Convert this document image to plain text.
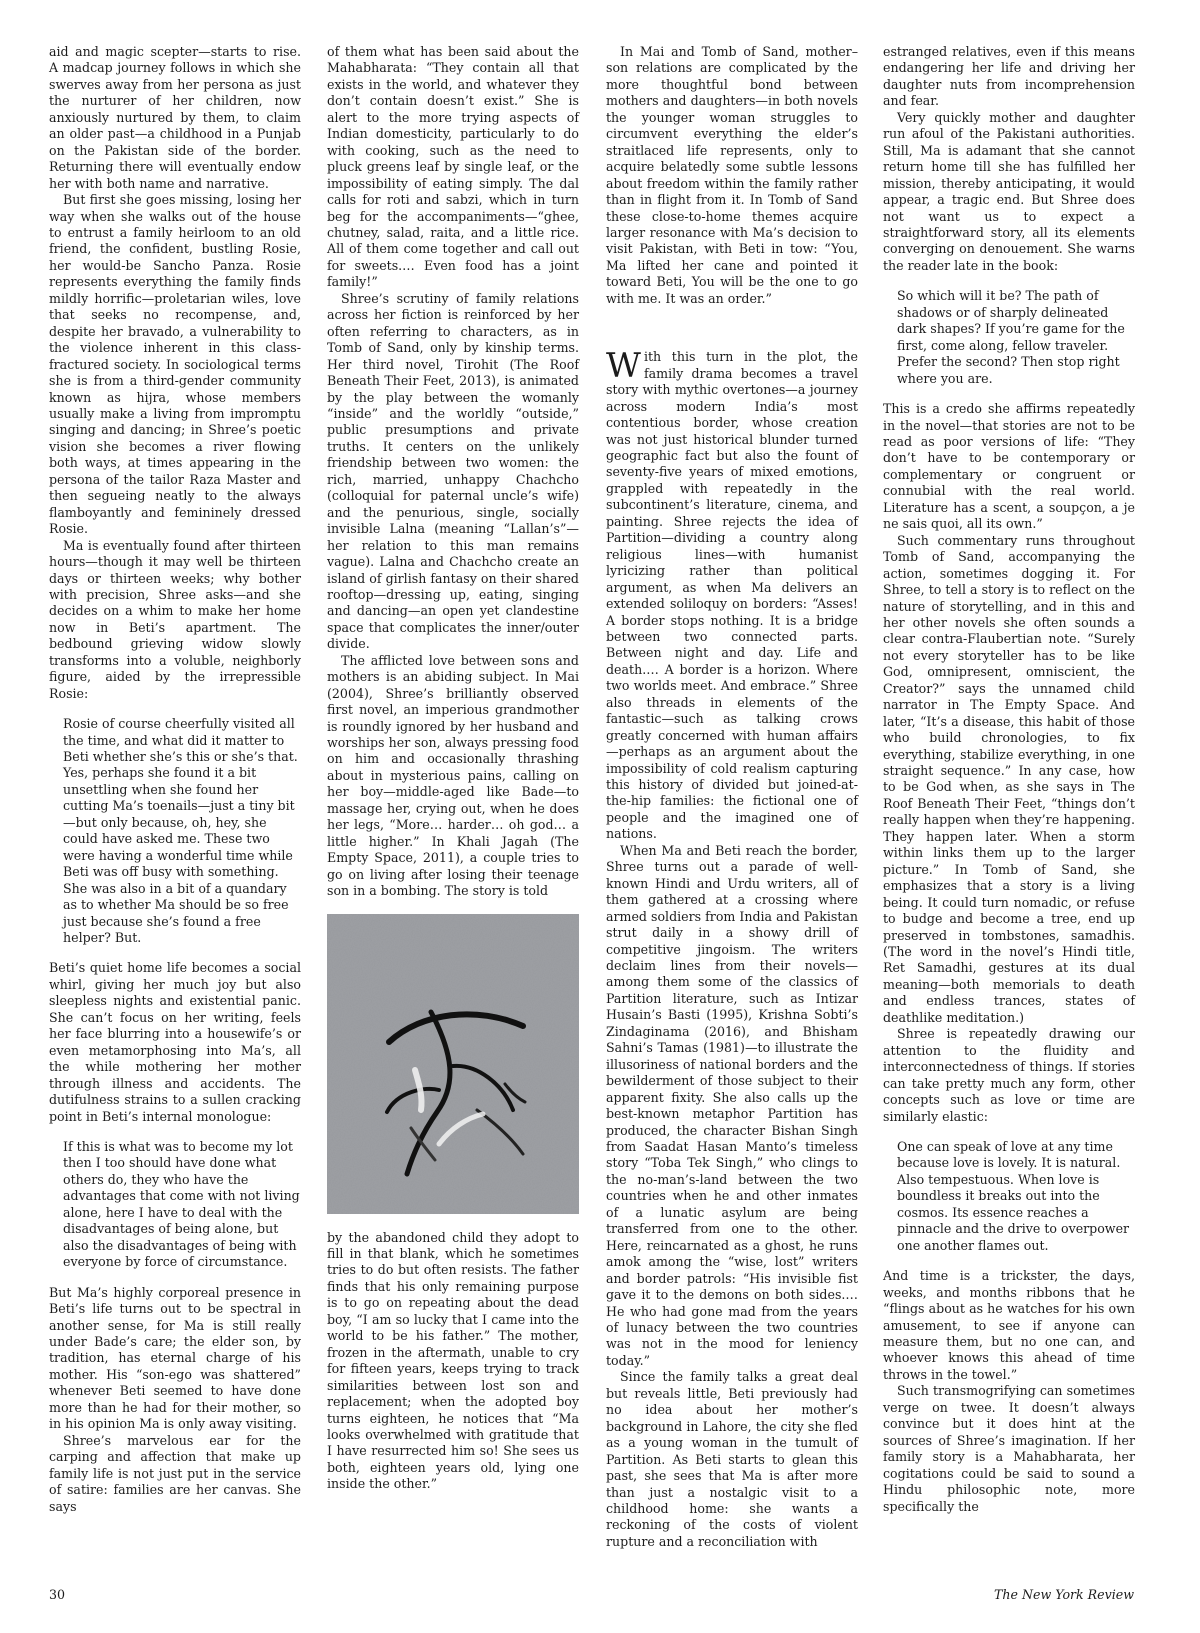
aid and magic scepter—starts to rise. A madcap journey follows in which she swerves away from her persona as just the nurturer of her children, now anxiously nurtured by them, to claim an older past—a childhood in a Punjab on the Pakistan side of the border. Returning there will eventually endow her with both name and narrative.

But first she goes missing, losing her way when she walks out of the house to entrust a family heirloom to an old friend, the confident, bustling Rosie, her would-be Sancho Panza. Rosie represents everything the family finds mildly horrific—proletarian wiles, love that seeks no recompense, and, despite her bravado, a vulnerability to the violence inherent in this class-fractured society. In sociological terms she is from a third-gender community known as hijra, whose members usually make a living from impromptu singing and dancing; in Shree’s poetic vision she becomes a river flowing both ways, at times appearing in the persona of the tailor Raza Master and then segueing neatly to the always flamboyantly and femininely dressed Rosie.

Ma is eventually found after thirteen hours—though it may well be thirteen days or thirteen weeks; why bother with precision, Shree asks—and she decides on a whim to make her home now in Beti’s apartment. The bedbound grieving widow slowly transforms into a voluble, neighborly figure, aided by the irrepressible Rosie:

Rosie of course cheerfully visited all the time, and what did it matter to Beti whether she’s this or she’s that. Yes, perhaps she found it a bit unsettling when she found her cutting Ma’s toenails—just a tiny bit—but only because, oh, hey, she could have asked me. These two were having a wonderful time while Beti was off busy with something. She was also in a bit of a quandary as to whether Ma should be so free just because she’s found a free helper? But.

Beti’s quiet home life becomes a social whirl, giving her much joy but also sleepless nights and existential panic. She can’t focus on her writing, feels her face blurring into a housewife’s or even metamorphosing into Ma’s, all the while mothering her mother through illness and accidents. The dutifulness strains to a sullen cracking point in Beti’s internal monologue:

If this is what was to become my lot then I too should have done what others do, they who have the advantages that come with not living alone, here I have to deal with the disadvantages of being alone, but also the disadvantages of being with everyone by force of circumstance.

But Ma’s highly corporeal presence in Beti’s life turns out to be spectral in another sense, for Ma is still really under Bade’s care; the elder son, by tradition, has eternal charge of his mother. His “son-ego was shattered” whenever Beti seemed to have done more than he had for their mother, so in his opinion Ma is only away visiting.

Shree’s marvelous ear for the carping and affection that make up family life is not just put in the service of satire: families are her canvas. She says

of them what has been said about the Mahabharata: “They contain all that exists in the world, and whatever they don’t contain doesn’t exist.” She is alert to the more trying aspects of Indian domesticity, particularly to do with cooking, such as the need to pluck greens leaf by single leaf, or the impossibility of eating simply. The dal calls for roti and sabzi, which in turn beg for the accompaniments—“ghee, chutney, salad, raita, and a little rice. All of them come together and call out for sweets.… Even food has a joint family!”

Shree’s scrutiny of family relations across her fiction is reinforced by her often referring to characters, as in Tomb of Sand, only by kinship terms. Her third novel, Tirohit (The Roof Beneath Their Feet, 2013), is animated by the play between the womanly “inside” and the worldly “outside,” public presumptions and private truths. It centers on the unlikely friendship between two women: the rich, married, unhappy Chachcho (colloquial for paternal uncle’s wife) and the penurious, single, socially invisible Lalna (meaning “Lallan’s”—her relation to this man remains vague). Lalna and Chachcho create an island of girlish fantasy on their shared rooftop—dressing up, eating, singing and dancing—an open yet clandestine space that complicates the inner/outer divide.

The afflicted love between sons and mothers is an abiding subject. In Mai (2004), Shree’s brilliantly observed first novel, an imperious grandmother is roundly ignored by her husband and worships her son, always pressing food on him and occasionally thrashing about in mysterious pains, calling on her boy—middle-aged like Bade—to massage her, crying out, when he does her legs, “More… harder… oh god… a little higher.” In Khali Jagah (The Empty Space, 2011), a couple tries to go on living after losing their teenage son in a bombing. The story is told

by the abandoned child they adopt to fill in that blank, which he sometimes tries to do but often resists. The father finds that his only remaining purpose is to go on repeating about the dead boy, “I am so lucky that I came into the world to be his father.” The mother, frozen in the aftermath, unable to cry for fifteen years, keeps trying to track similarities between lost son and replacement; when the adopted boy turns eighteen, he notices that “Ma looks overwhelmed with gratitude that I have resurrected him so! She sees us both, eighteen years old, lying one inside the other.”

In Mai and Tomb of Sand, mother–son relations are complicated by the more thoughtful bond between mothers and daughters—in both novels the younger woman struggles to circumvent everything the elder’s straitlaced life represents, only to acquire belatedly some subtle lessons about freedom within the family rather than in flight from it. In Tomb of Sand these close-to-home themes acquire larger resonance with Ma’s decision to visit Pakistan, with Beti in tow: “You, Ma lifted her cane and pointed it toward Beti, You will be the one to go with me. It was an order.”

With this turn in the plot, the family drama becomes a travel story with mythic overtones—a journey across modern India’s most contentious border, whose creation was not just historical blunder turned geographic fact but also the fount of seventy-five years of mixed emotions, grappled with repeatedly in the subcontinent’s literature, cinema, and painting. Shree rejects the idea of Partition—dividing a country along religious lines—with humanist lyricizing rather than political argument, as when Ma delivers an extended soliloquy on borders: “Asses! A border stops nothing. It is a bridge between two connected parts. Between night and day. Life and death.… A border is a horizon. Where two worlds meet. And embrace.” Shree also threads in elements of the fantastic—such as talking crows greatly concerned with human affairs—perhaps as an argument about the impossibility of cold realism capturing this history of divided but joined-at-the-hip families: the fictional one of people and the imagined one of nations.

When Ma and Beti reach the border, Shree turns out a parade of well-known Hindi and Urdu writers, all of them gathered at a crossing where armed soldiers from India and Pakistan strut daily in a showy drill of competitive jingoism. The writers declaim lines from their novels—among them some of the classics of Partition literature, such as Intizar Husain’s Basti (1995), Krishna Sobti’s Zindaginama (2016), and Bhisham Sahni’s Tamas (1981)—to illustrate the illusoriness of national borders and the bewilderment of those subject to their apparent fixity. She also calls up the best-known metaphor Partition has produced, the character Bishan Singh from Saadat Hasan Manto’s timeless story “Toba Tek Singh,” who clings to the no-man’s-land between the two countries when he and other inmates of a lunatic asylum are being transferred from one to the other. Here, reincarnated as a ghost, he runs amok among the “wise, lost” writers and border patrols: “His invisible fist gave it to the demons on both sides.… He who had gone mad from the years of lunacy between the two countries was not in the mood for leniency today.”

Since the family talks a great deal but reveals little, Beti previously had no idea about her mother’s background in Lahore, the city she fled as a young woman in the tumult of Partition. As Beti starts to glean this past, she sees that Ma is after more than just a nostalgic visit to a childhood home: she wants a reckoning of the costs of violent rupture and a reconciliation with

estranged relatives, even if this means endangering her life and driving her daughter nuts from incomprehension and fear.

Very quickly mother and daughter run afoul of the Pakistani authorities. Still, Ma is adamant that she cannot return home till she has fulfilled her mission, thereby anticipating, it would appear, a tragic end. But Shree does not want us to expect a straightforward story, all its elements converging on denouement. She warns the reader late in the book:

So which will it be? The path of shadows or of sharply delineated dark shapes? If you’re game for the first, come along, fellow traveler. Prefer the second? Then stop right where you are.

This is a credo she affirms repeatedly in the novel—that stories are not to be read as poor versions of life: “They don’t have to be contemporary or complementary or congruent or connubial with the real world. Literature has a scent, a soupçon, a je ne sais quoi, all its own.”

Such commentary runs throughout Tomb of Sand, accompanying the action, sometimes dogging it. For Shree, to tell a story is to reflect on the nature of storytelling, and in this and her other novels she often sounds a clear contra-Flaubertian note. “Surely not every storyteller has to be like God, omnipresent, omniscient, the Creator?” says the unnamed child narrator in The Empty Space. And later, “It’s a disease, this habit of those who build chronologies, to fix everything, stabilize everything, in one straight sequence.” In any case, how to be God when, as she says in The Roof Beneath Their Feet, “things don’t really happen when they’re happening. They happen later. When a storm within links them up to the larger picture.” In Tomb of Sand, she emphasizes that a story is a living being. It could turn nomadic, or refuse to budge and become a tree, end up preserved in tombstones, samadhis. (The word in the novel’s Hindi title, Ret Samadhi, gestures at its dual meaning—both memorials to death and endless trances, states of deathlike meditation.)

Shree is repeatedly drawing our attention to the fluidity and interconnectedness of things. If stories can take pretty much any form, other concepts such as love or time are similarly elastic:

One can speak of love at any time because love is lovely. It is natural. Also tempestuous. When love is boundless it breaks out into the cosmos. Its essence reaches a pinnacle and the drive to overpower one another flames out.

And time is a trickster, the days, weeks, and months ribbons that he “flings about as he watches for his own amusement, to see if anyone can measure them, but no one can, and whoever knows this ahead of time throws in the towel.”

Such transmogrifying can sometimes verge on twee. It doesn’t always convince but it does hint at the sources of Shree’s imagination. If her family story is a Mahabharata, her cogitations could be said to sound a Hindu philosophic note, more specifically the

30	The New York Review
